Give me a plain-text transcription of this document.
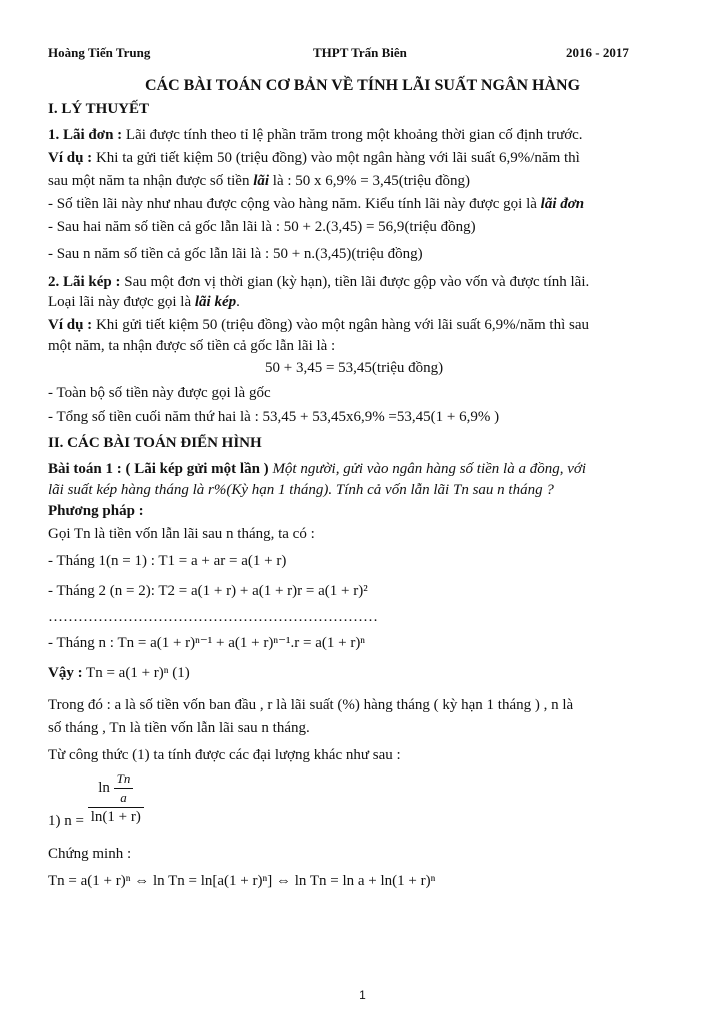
Hoàng Tiến Trung	THPT Trấn Biên	2016 - 2017
CÁC BÀI TOÁN CƠ BẢN VỀ TÍNH LÃI SUẤT NGÂN HÀNG
I. LÝ THUYẾT
1. Lãi đơn : Lãi được tính theo tỉ lệ phần trăm trong một khoảng thời gian cố định trước.
Ví dụ : Khi ta gửi tiết kiệm 50 (triệu đồng) vào một ngân hàng với lãi suất 6,9%/năm thì
sau một năm ta nhận được số tiền lãi là : 50 x 6,9% = 3,45(triệu đồng)
- Số tiền lãi này như nhau được cộng vào hàng năm. Kiểu tính lãi này được gọi là lãi đơn
- Sau hai năm số tiền cả gốc lẫn lãi là : 50 + 2.(3,45) = 56,9(triệu đồng)
- Sau n năm số tiền cả gốc lẫn lãi là : 50 + n.(3,45)(triệu đồng)
2. Lãi kép : Sau một đơn vị thời gian (kỳ hạn), tiền lãi được gộp vào vốn và được tính lãi.
Loại lãi này được gọi là lãi kép.
Ví dụ : Khi gửi tiết kiệm 50 (triệu đồng) vào một ngân hàng với lãi suất 6,9%/năm thì sau
một năm, ta nhận được số tiền cả gốc lẫn lãi là :
50 + 3,45 = 53,45(triệu đồng)
- Toàn bộ số tiền này được gọi là gốc
- Tổng số tiền cuối năm thứ hai là : 53,45 + 53,45x6,9% =53,45(1 + 6,9% )
II. CÁC BÀI TOÁN ĐIỂN HÌNH
Bài toán 1 : ( Lãi kép gửi một lần ) Một người, gửi vào ngân hàng số tiền là a đồng, với
lãi suất kép hàng tháng là r%(Kỳ hạn 1 tháng). Tính cả vốn lẫn lãi Tn sau n tháng ?
Phương pháp :
Gọi Tn là tiền vốn lẫn lãi sau n tháng, ta có :
- Tháng 1(n = 1) : T1 = a + ar = a(1 + r)
- Tháng 2 (n = 2): T2 = a(1 + r) + a(1 + r)r = a(1 + r)²
…………………………………………………………
- Tháng n : Tn = a(1 + r)ⁿ⁻¹ + a(1 + r)ⁿ⁻¹.r = a(1 + r)ⁿ
Vậy : Tn = a(1 + r)ⁿ (1)
Trong đó : a là số tiền vốn ban đầu , r là lãi suất (%) hàng tháng ( kỳ hạn 1 tháng ) , n là
số tháng , Tn là tiền vốn lẫn lãi sau n tháng.
Từ công thức (1) ta tính được các đại lượng khác như sau :
1) $n = \frac{\ln \frac{Tn}{a}}{\ln(1 + r)}$
Chứng minh :
Tn = a(1 + r)ⁿ ⇔ ln Tn = ln[a(1 + r)ⁿ] ⇔ ln Tn = ln a + ln(1 + r)ⁿ
1
